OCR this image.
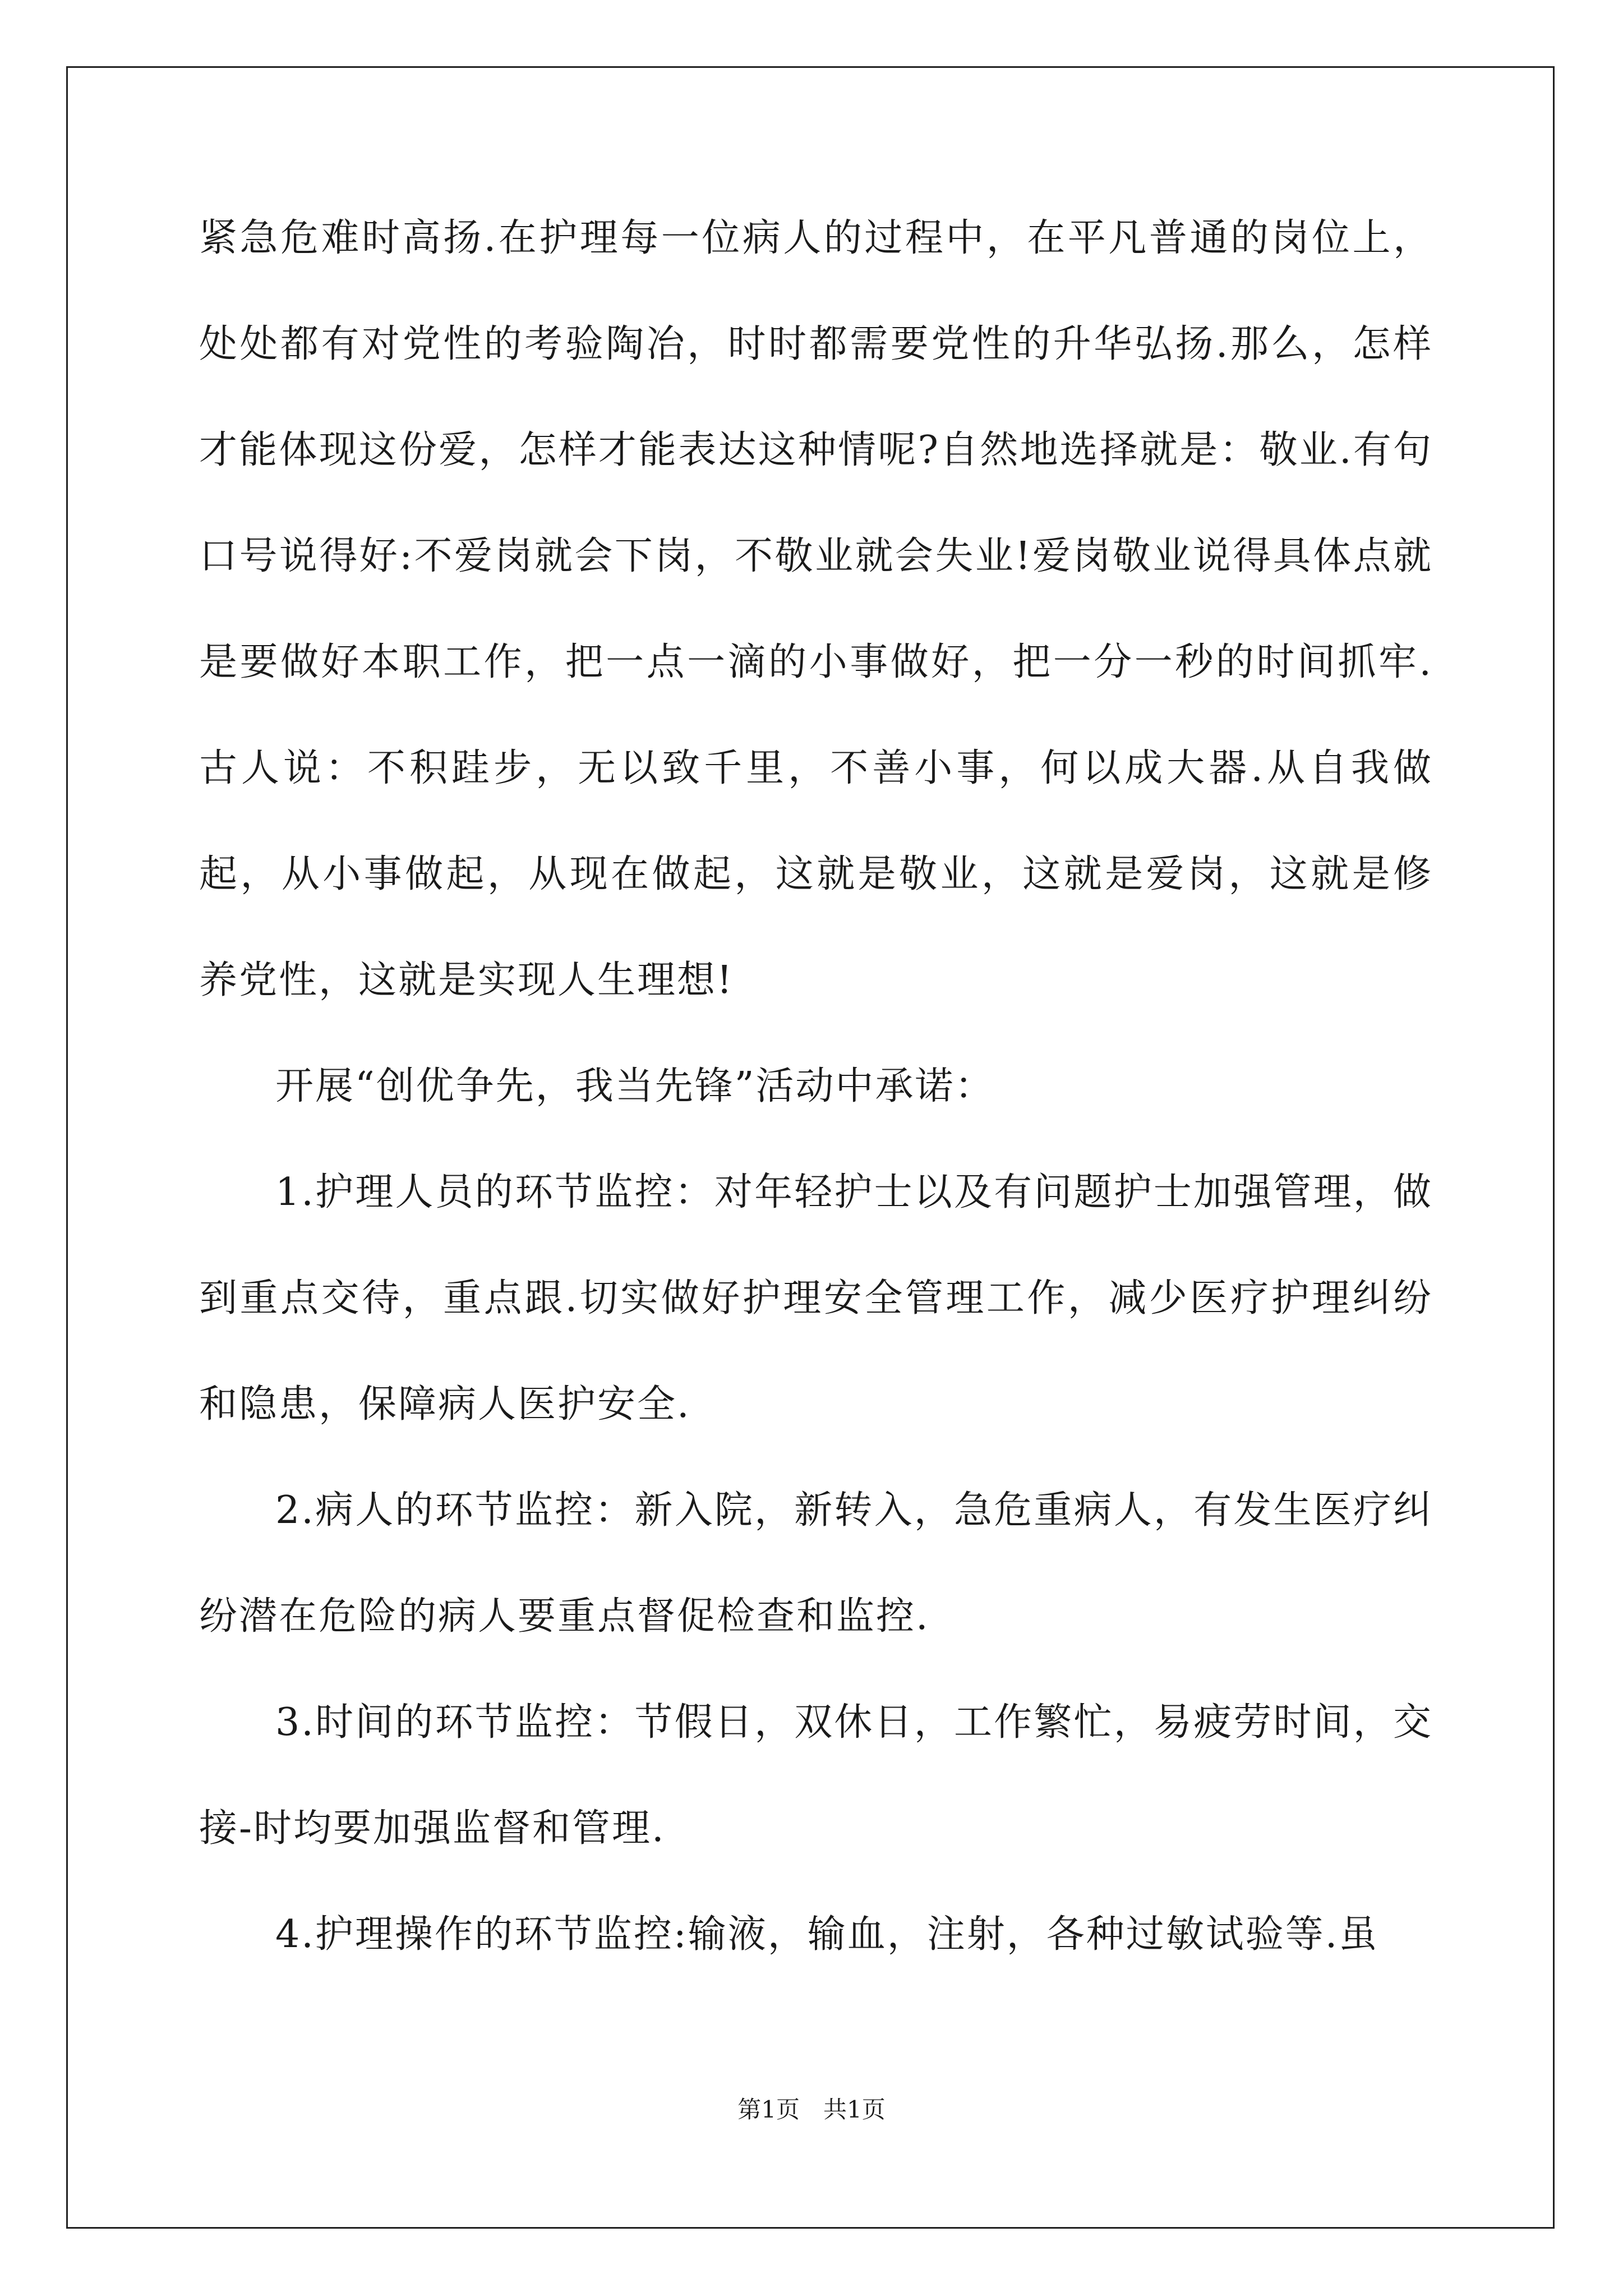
紧急危难时高扬.在护理每一位病人的过程中，在平凡普通的岗位上，处处都有对党性的考验陶冶，时时都需要党性的升华弘扬.那么，怎样才能体现这份爱，怎样才能表达这种情呢?自然地选择就是：敬业.有句口号说得好:不爱岗就会下岗，不敬业就会失业!爱岗敬业说得具体点就是要做好本职工作，把一点一滴的小事做好，把一分一秒的时间抓牢.古人说：不积跬步，无以致千里，不善小事，何以成大器.从自我做起，从小事做起，从现在做起，这就是敬业，这就是爱岗，这就是修养党性，这就是实现人生理想!

开展“创优争先，我当先锋”活动中承诺：

1.护理人员的环节监控：对年轻护士以及有问题护士加强管理，做到重点交待，重点跟.切实做好护理安全管理工作，减少医疗护理纠纷和隐患，保障病人医护安全.

2.病人的环节监控：新入院，新转入，急危重病人，有发生医疗纠纷潜在危险的病人要重点督促检查和监控.

3.时间的环节监控：节假日，双休日，工作繁忙，易疲劳时间，交接-时均要加强监督和管理.

4.护理操作的环节监控:输液，输血，注射，各种过敏试验等.虽

第1页　共1页
